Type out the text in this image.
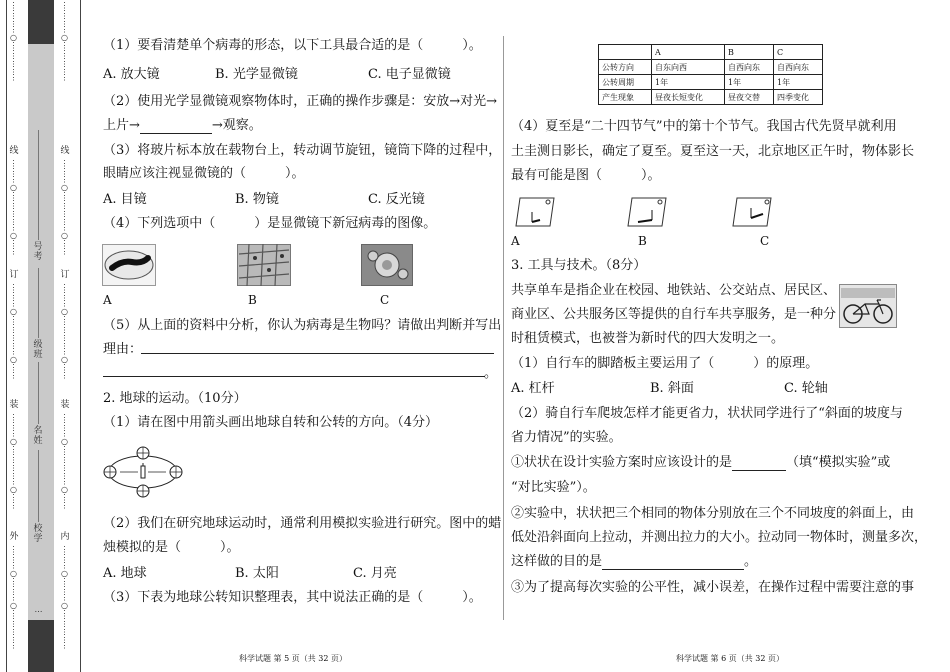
⋮
⋮
⋮
⋮
○
⋮
⋮
⋮
⋮
⋮
线
⋮
⋮
⋮
○
⋮
⋮
⋮
⋮
⋮
○
⋮
⋮
订
⋮
⋮
⋮
○
⋮
⋮
⋮
⋮
⋮
○
⋮
⋮
装
⋮
⋮
⋮
○
⋮
⋮
⋮
⋮
⋮
○
⋮
⋮
外
⋮
⋮
⋮
○
⋮
⋮
⋮
○
⋮
⋮
⋮
⋮
⋮
号考
级班
名姓
校学
…
⋮
⋮
⋮
⋮
○
⋮
⋮
⋮
⋮
⋮
线
⋮
⋮
⋮
○
⋮
⋮
⋮
⋮
⋮
○
⋮
⋮
订
⋮
⋮
⋮
○
⋮
⋮
⋮
⋮
⋮
○
⋮
⋮
装
⋮
⋮
⋮
○
⋮
⋮
⋮
⋮
⋮
○
⋮
⋮
内
⋮
⋮
⋮
○
⋮
⋮
⋮
○
⋮
⋮
⋮
⋮
⋮
（1）要看清楚单个病毒的形态，以下工具最合适的是（　　　）。
A. 放大镜	B. 光学显微镜	C. 电子显微镜
（2）使用光学显微镜观察物体时，正确的操作步骤是：安放→对光→
上片→	→观察。
（3）将玻片标本放在载物台上，转动调节旋钮，镜筒下降的过程中，
眼睛应该注视显微镜的（　　　）。
A. 目镜	B. 物镜	C. 反光镜
（4）下列选项中（　　　）是显微镜下新冠病毒的图像。
A	B	C
（5）从上面的资料中分析，你认为病毒是生物吗？请做出判断并写出
理由：
。
2. 地球的运动。（10分）
（1）请在图中用箭头画出地球自转和公转的方向。（4分）
（2）我们在研究地球运动时，通常利用模拟实验进行研究。图中的蜡
烛模拟的是（　　　）。
A. 地球	B. 太阳	C. 月亮
（3）下表为地球公转知识整理表，其中说法正确的是（　　　）。
科学试题 第 5 页（共 32 页）
	A	B	C
公转方向	自东向西	自西向东	自西向东
公转周期	1年	1年	1年
产生现象	昼夜长短变化	昼夜交替	四季变化
（4）夏至是“二十四节气”中的第十个节气。我国古代先贤早就利用
土圭测日影长，确定了夏至。夏至这一天，北京地区正午时，物体影长
最有可能是图（　　　）。
A	B	C
3. 工具与技术。（8分）
共享单车是指企业在校园、地铁站、公交站点、居民区、
商业区、公共服务区等提供的自行车共享服务，是一种分
时租赁模式，也被誉为新时代的四大发明之一。
（1）自行车的脚踏板主要运用了（　　　）的原理。
A. 杠杆	B. 斜面	C. 轮轴
（2）骑自行车爬坡怎样才能更省力，状状同学进行了“斜面的坡度与
省力情况”的实验。
①状状在设计实验方案时应该设计的是	（填“模拟实验”或
“对比实验”）。
②实验中，状状把三个相同的物体分别放在三个不同坡度的斜面上，由
低处沿斜面向上拉动，并测出拉力的大小。拉动同一物体时，测量多次，
这样做的目的是	。
③为了提高每次实验的公平性，减小误差，在操作过程中需要注意的事
科学试题 第 6 页（共 32 页）
